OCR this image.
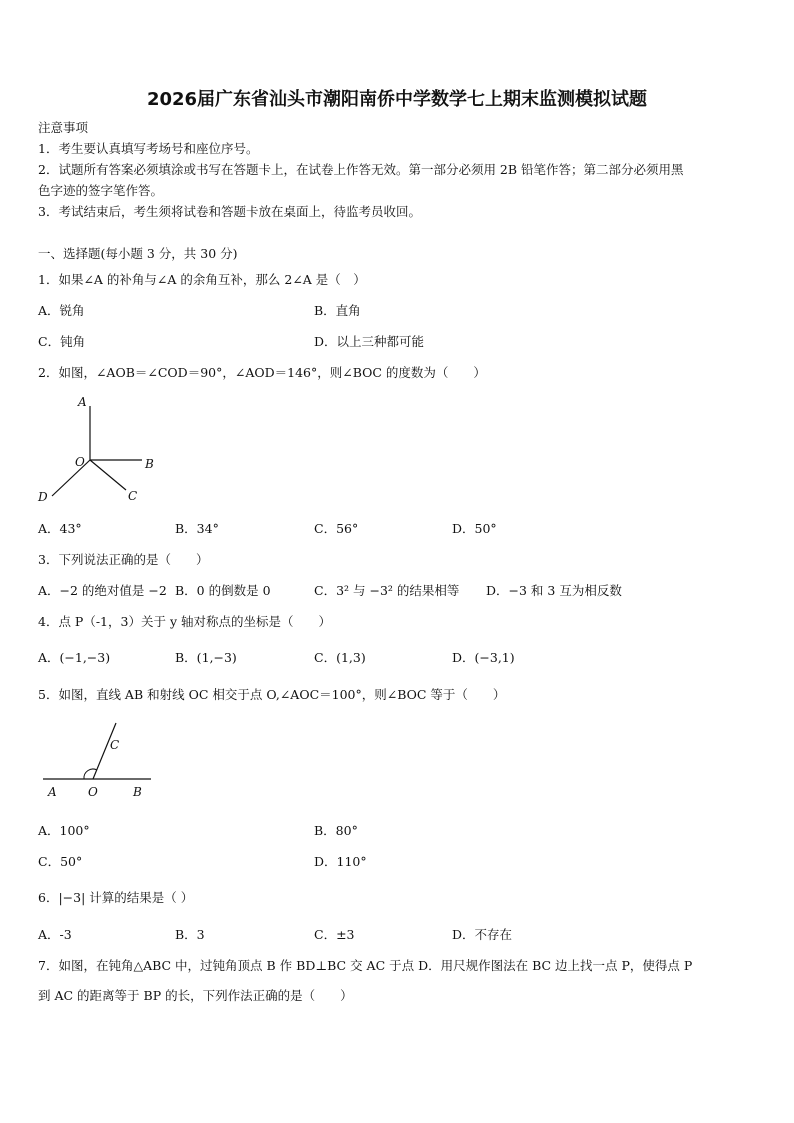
2026届广东省汕头市潮阳南侨中学数学七上期末监测模拟试题
注意事项
1．考生要认真填写考场号和座位序号。
2．试题所有答案必须填涂或书写在答题卡上，在试卷上作答无效。第一部分必须用 2B 铅笔作答；第二部分必须用黑
色字迹的签字笔作答。
3．考试结束后，考生须将试卷和答题卡放在桌面上，待监考员收回。
一、选择题(每小题 3 分，共 30 分)
1．如果∠A 的补角与∠A 的余角互补，那么 2∠A 是（　）
A．锐角	B．直角
C．钝角	D．以上三种都可能
2．如图，∠AOB＝∠COD＝90°，∠AOD＝146°，则∠BOC 的度数为（　　）
A
O	B
D	C
A．43°	B．34°	C．56°	D．50°
3．下列说法正确的是（　　）
A．−2 的绝对值是 −2 B．0 的倒数是 0	C．3² 与 −3² 的结果相等 D．−3 和 3 互为相反数
4．点 P（-1，3）关于 y 轴对称点的坐标是（　　）
A．(−1,−3)	B．(1,−3)	C．(1,3)	D．(−3,1)
5．如图，直线 AB 和射线 OC 相交于点 O,∠AOC＝100°，则∠BOC 等于（　　）
C
A	O	B
A．100°	B．80°
C．50°	D．110°
6．|−3| 计算的结果是（ ）
A．-3	B．3	C．±3	D．不存在
7．如图，在钝角△ABC 中，过钝角顶点 B 作 BD⊥BC 交 AC 于点 D．用尺规作图法在 BC 边上找一点 P，使得点 P
到 AC 的距离等于 BP 的长，下列作法正确的是（　　）
